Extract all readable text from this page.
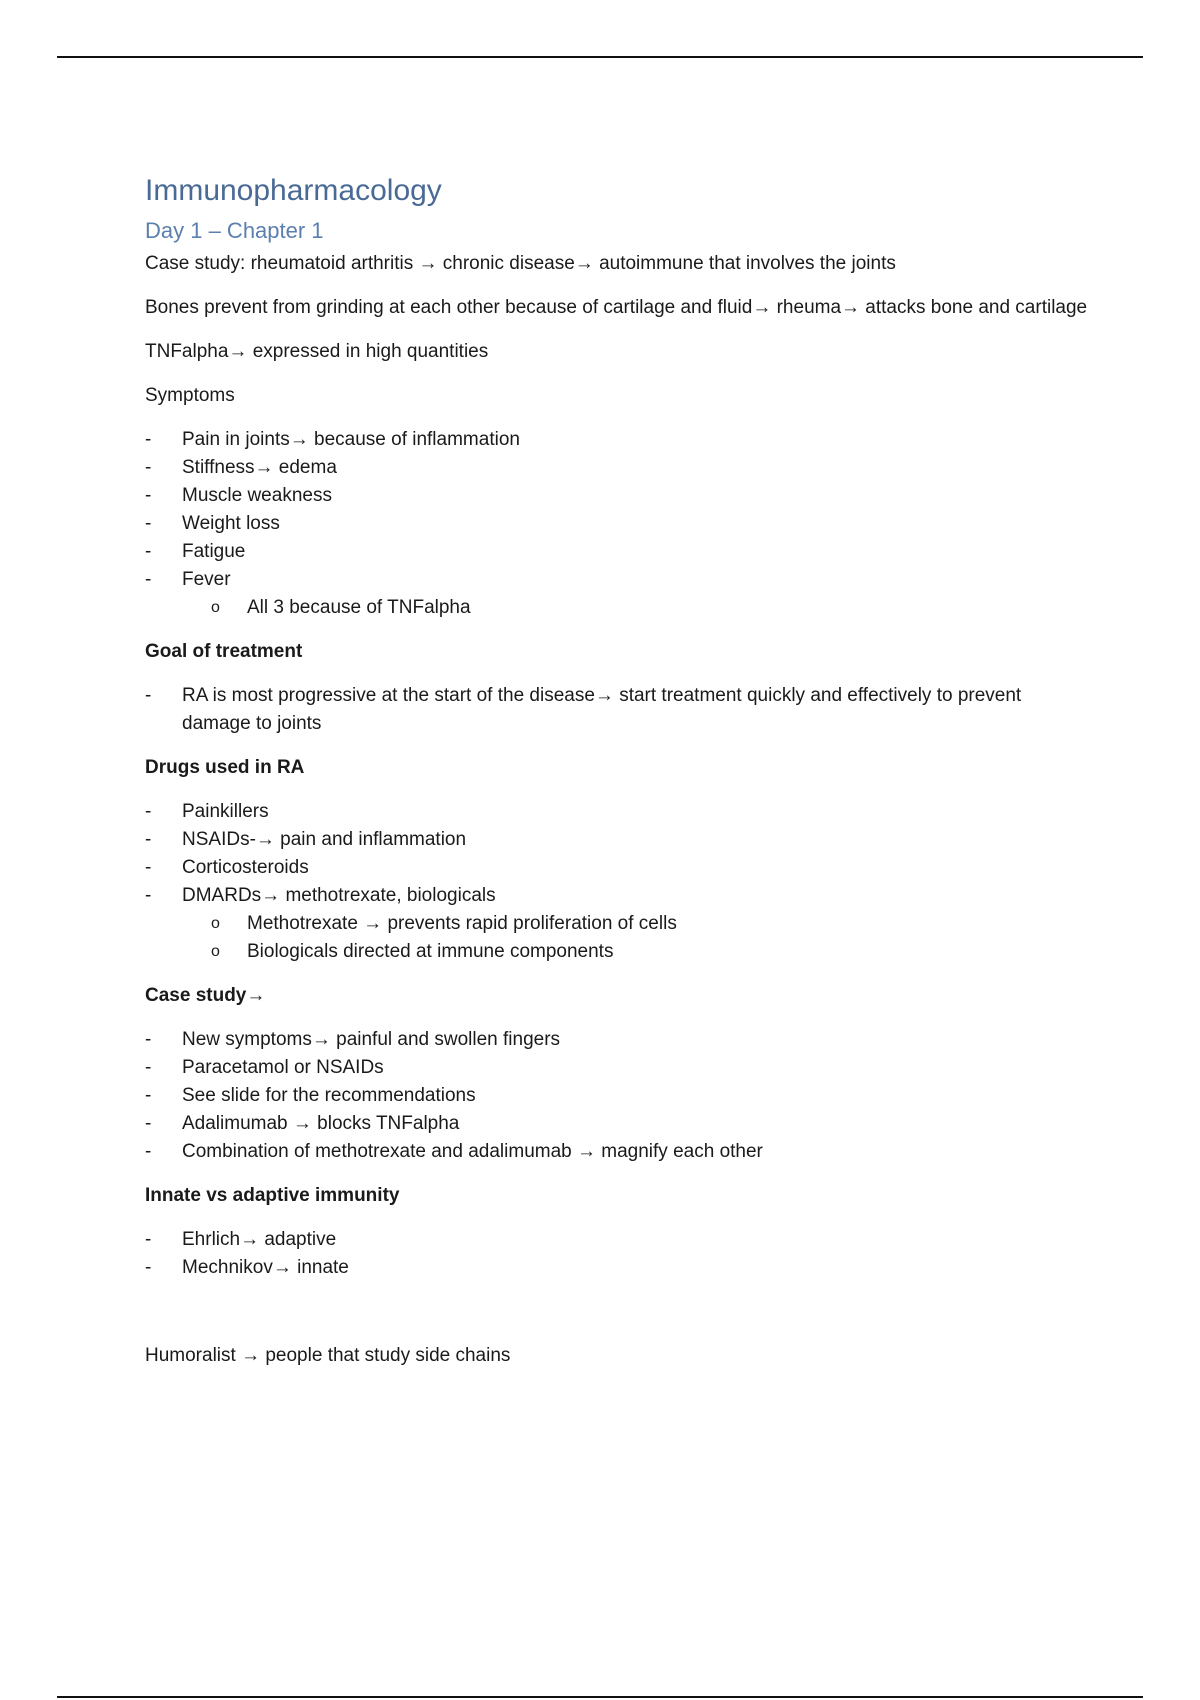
Immunopharmacology
Day 1 – Chapter 1

Case study: rheumatoid arthritis → chronic disease→ autoimmune that involves the joints

Bones prevent from grinding at each other because of cartilage and fluid→ rheuma→ attacks bone and cartilage

TNFalpha→ expressed in high quantities

Symptoms

- Pain in joints→ because of inflammation
- Stiffness→ edema
- Muscle weakness
- Weight loss
- Fatigue
- Fever
o All 3 because of TNFalpha

Goal of treatment

- RA is most progressive at the start of the disease→ start treatment quickly and effectively to prevent damage to joints

Drugs used in RA

- Painkillers
- NSAIDs-→ pain and inflammation
- Corticosteroids
- DMARDs→ methotrexate, biologicals
o Methotrexate → prevents rapid proliferation of cells
o Biologicals directed at immune components

Case study→

- New symptoms→ painful and swollen fingers
- Paracetamol or NSAIDs
- See slide for the recommendations
- Adalimumab → blocks TNFalpha
- Combination of methotrexate and adalimumab → magnify each other

Innate vs adaptive immunity

- Ehrlich→ adaptive
- Mechnikov→ innate

Humoralist → people that study side chains
